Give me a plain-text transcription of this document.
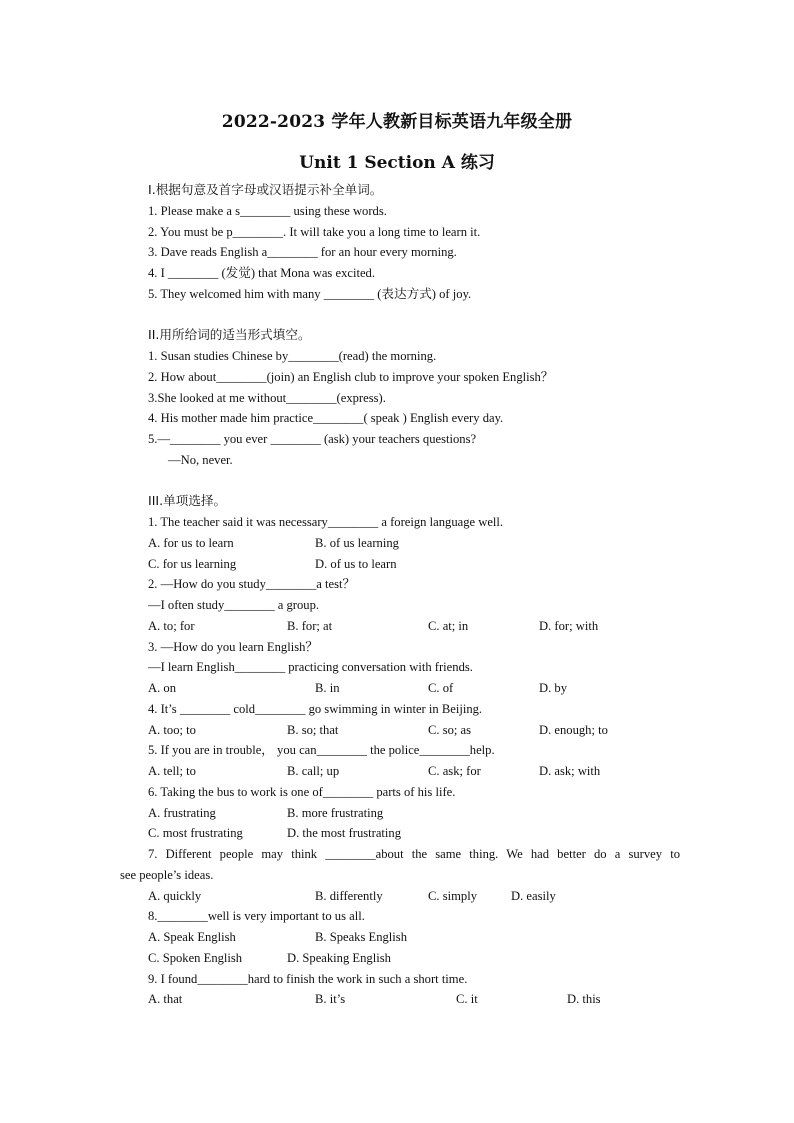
2022-2023 学年人教新目标英语九年级全册
Unit 1 Section A 练习
I.根据句意及首字母或汉语提示补全单词。
1. Please make a s________ using these words.
2. You must be p________. It will take you a long time to learn it.
3. Dave reads English a________ for an hour every morning.
4. I ________ (发觉) that Mona was excited.
5. They welcomed him with many ________ (表达方式) of joy.
II.用所给词的适当形式填空。
1. Susan studies Chinese by________(read) the morning.
2. How about________(join) an English club to improve your spoken English？
3.She looked at me without________(express).
4. His mother made him practice________( speak ) English every day.
5.—________ you ever ________ (ask) your teachers questions?
—No, never.
III.单项选择。
1. The teacher said it was necessary________ a foreign language well.
A. for us to learn	B. of us learning
C. for us learning	D. of us to learn
2. —How do you study________a test？
—I often study________ a group.
A. to; for	B. for; at	C. at; in	D. for; with
3. —How do you learn English？
—I learn English________ practicing conversation with friends.
A. on	B. in	C. of	D. by
4. It’s ________ cold________ go swimming in winter in Beijing.
A. too; to	B. so; that	C. so; as	D. enough; to
5. If you are in trouble， you can________ the police________help.
A. tell; to	B. call; up	C. ask; for	D. ask; with
6. Taking the bus to work is one of________ parts of his life.
A. frustrating	B. more frustrating
C. most frustrating	D. the most frustrating
7. Different people may think ________about the same thing. We had better do a survey to
see people’s ideas.
A. quickly	B. differently	C. simply	D. easily
8.________well is very important to us all.
A. Speak English	B. Speaks English
C. Spoken English	D. Speaking English
9. I found________hard to finish the work in such a short time.
A. that	B. it’s	C. it	D. this
